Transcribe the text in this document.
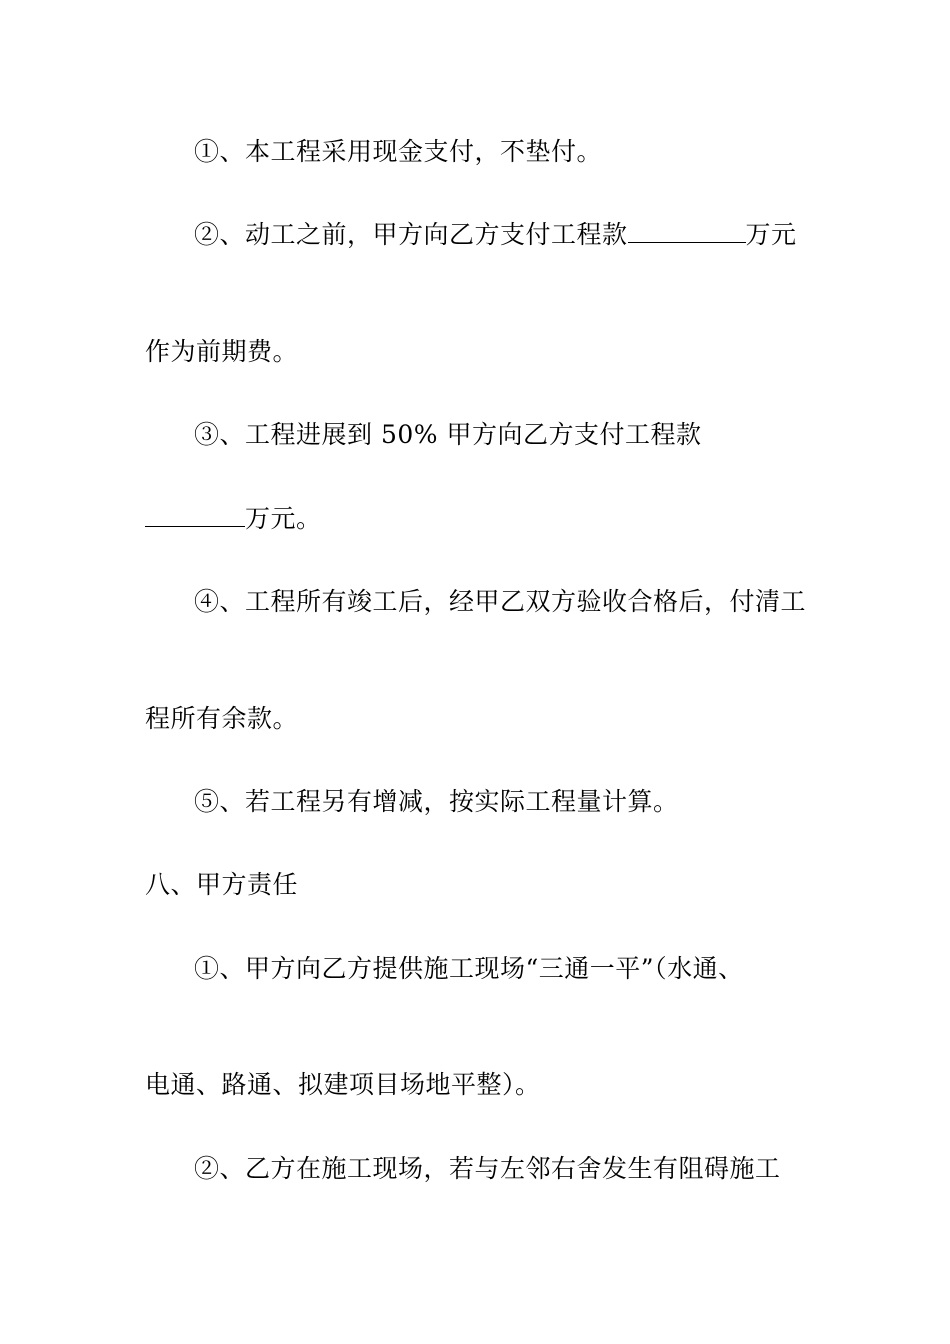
①、本工程采用现金支付，不垫付。
②、动工之前，甲方向乙方支付工程款	万元
作为前期费。
③、工程进展到 50% 甲方向乙方支付工程款
万元。
④、工程所有竣工后，经甲乙双方验收合格后，付清工
程所有余款。
⑤、若工程另有增减，按实际工程量计算。
八、甲方责任
①、甲方向乙方提供施工现场“三通一平”（水通、
电通、路通、拟建项目场地平整）。
②、乙方在施工现场，若与左邻右舍发生有阻碍施工
